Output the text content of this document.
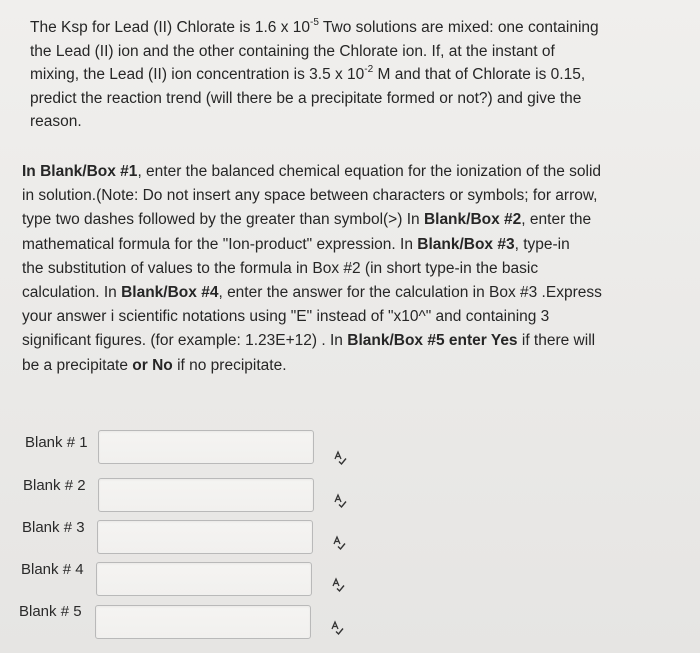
The Ksp for Lead (II) Chlorate is 1.6 x $10^{-5}$ Two solutions are mixed: one containing
the Lead (II) ion and the other containing the Chlorate ion. If, at the instant of
mixing, the Lead (II) ion concentration is 3.5 x $10^{-2}$ M and that of Chlorate is 0.15,
predict the reaction trend (will there be a precipitate formed or not?) and give the
reason.

In Blank/Box #1, enter the balanced chemical equation for the ionization of the solid
in solution.(Note: Do not insert any space between characters or symbols; for arrow,
type two dashes followed by the greater than symbol(>) In Blank/Box #2, enter the
mathematical formula for the "Ion-product" expression. In Blank/Box #3, type-in
the substitution of values to the formula in Box #2 (in short type-in the basic
calculation. In Blank/Box #4, enter the answer for the calculation in Box #3 .Express
your answer i scientific notations using "E" instead of "x10^" and containing 3
significant figures. (for example: 1.23E+12) . In Blank/Box #5 enter Yes if there will
be a precipitate or No if no precipitate.

Blank # 1
Blank # 2
Blank # 3
Blank # 4
Blank # 5
